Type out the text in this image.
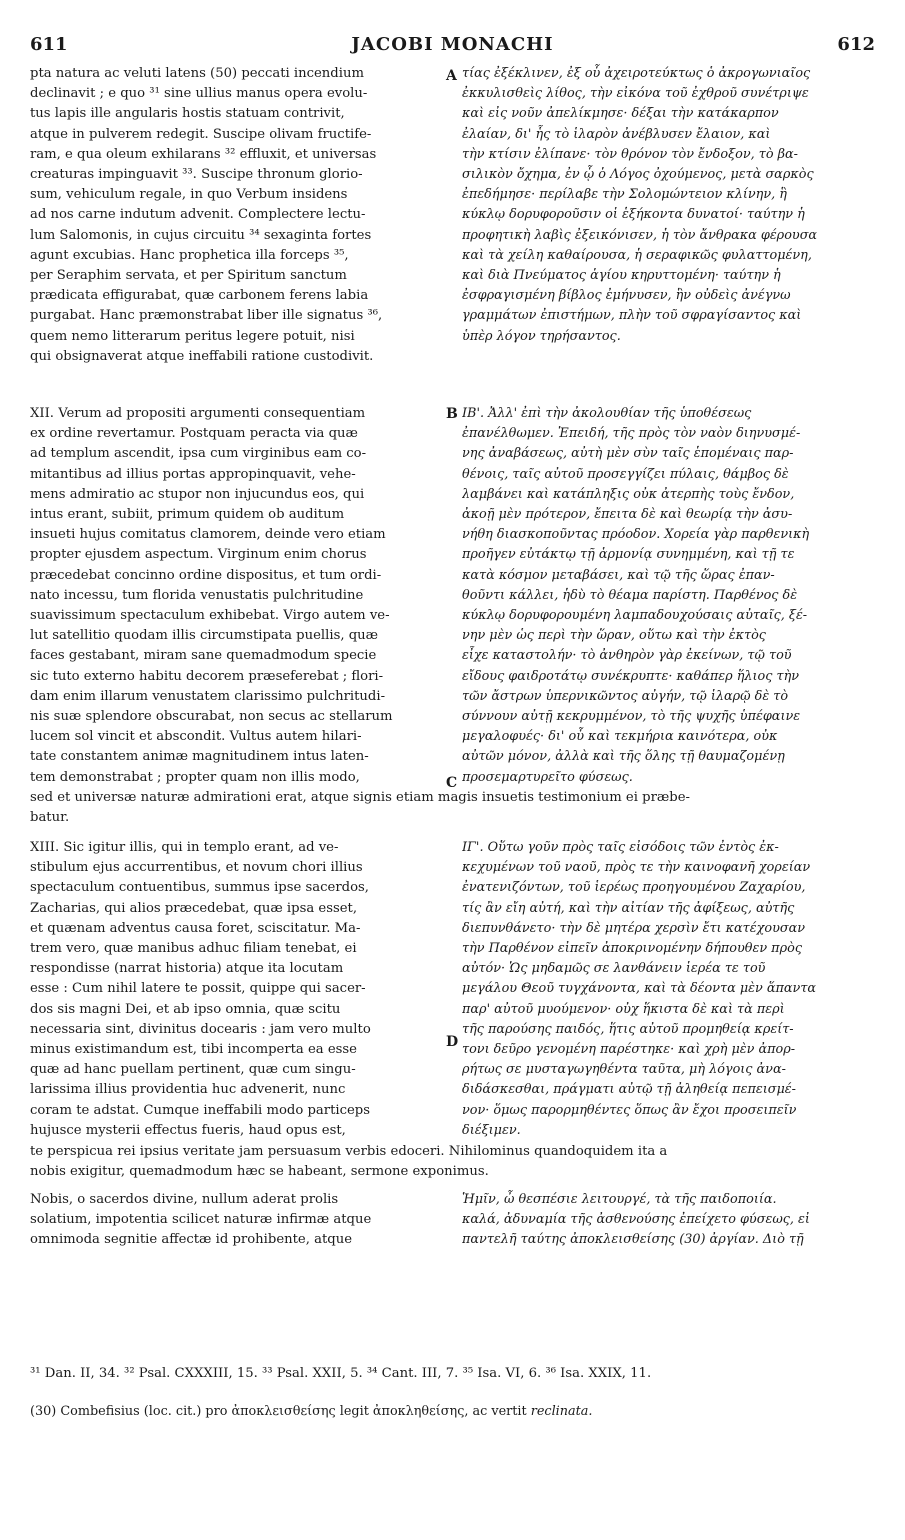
611	JACOBI MONACHI	612
A
B
C
D
pta natura ac veluti latens (50) peccati incendium
declinavit ; e quo ³¹ sine ullius manus opera evolu-
tus lapis ille angularis hostis statuam contrivit,
atque in pulverem redegit. Suscipe olivam fructife-
ram, e qua oleum exhilarans ³² effluxit, et universas
creaturas impinguavit ³³. Suscipe thronum glorio-
sum, vehiculum regale, in quo Verbum insidens
ad nos carne indutum advenit. Complectere lectu-
lum Salomonis, in cujus circuitu ³⁴ sexaginta fortes
agunt excubias. Hanc prophetica illa forceps ³⁵,
per Seraphim servata, et per Spiritum sanctum
prædicata effigurabat, quæ carbonem ferens labia
purgabat. Hanc præmonstrabat liber ille signatus ³⁶,
quem nemo litterarum peritus legere potuit, nisi
qui obsignaverat atque ineffabili ratione custodivit.
τίας ἐξέκλινεν, ἐξ οὗ ἀχειροτεύκτως ὁ ἀκρογωνιαῖος
ἐκκυλισθεὶς λίθος, τὴν εἰκόνα τοῦ ἐχθροῦ συνέτριψε
καὶ εἰς νοῦν ἀπελίκμησε· δέξαι τὴν κατάκαρπον
ἐλαίαν, δι' ἧς τὸ ἱλαρὸν ἀνέβλυσεν ἔλαιον, καὶ
τὴν κτίσιν ἐλίπανε· τὸν θρόνον τὸν ἔνδοξον, τὸ βα-
σιλικὸν ὄχημα, ἐν ᾧ ὁ Λόγος ὀχούμενος, μετὰ σαρκὸς
ἐπεδήμησε· περίλαβε τὴν Σολομώντειον κλίνην, ἣ
κύκλῳ δορυφοροῦσιν οἱ ἑξήκοντα δυνατοί· ταύτην ἡ
προφητικὴ λαβὶς ἐξεικόνισεν, ἡ τὸν ἄνθρακα φέρουσα
καὶ τὰ χείλη καθαίρουσα, ἡ σεραφικῶς φυλαττομένη,
καὶ διὰ Πνεύματος ἁγίου κηρυττομένη· ταύτην ἡ
ἐσφραγισμένη βίβλος ἐμήνυσεν, ἣν οὐδεὶς ἀνέγνω
γραμμάτων ἐπιστήμων, πλὴν τοῦ σφραγίσαντος καὶ
ὑπὲρ λόγον τηρήσαντος.
XII. Verum ad propositi argumenti consequentiam
ex ordine revertamur. Postquam peracta via quæ
ad templum ascendit, ipsa cum virginibus eam co-
mitantibus ad illius portas appropinquavit, vehe-
mens admiratio ac stupor non injucundus eos, qui
intus erant, subiit, primum quidem ob auditum
insueti hujus comitatus clamorem, deinde vero etiam
propter ejusdem aspectum. Virginum enim chorus
præcedebat concinno ordine dispositus, et tum ordi-
nato incessu, tum florida venustatis pulchritudine
suavissimum spectaculum exhibebat. Virgo autem ve-
lut satellitio quodam illis circumstipata puellis, quæ
faces gestabant, miram sane quemadmodum specie
sic tuto externo habitu decorem præseferebat ; flori-
dam enim illarum venustatem clarissimo pulchritudi-
nis suæ splendore obscurabat, non secus ac stellarum
lucem sol vincit et abscondit. Vultus autem hilari-
tate constantem animæ magnitudinem intus laten-
tem demonstrabat ; propter quam non illis modo,
ΙΒ'. Ἀλλ' ἐπὶ τὴν ἀκολουθίαν τῆς ὑποθέσεως
ἐπανέλθωμεν. Ἐπειδή, τῆς πρὸς τὸν ναὸν διηνυσμέ-
νης ἀναβάσεως, αὐτὴ μὲν σὺν ταῖς ἑπομέναις παρ-
θένοις, ταῖς αὐτοῦ προσεγγίζει πύλαις, θάμβος δὲ
λαμβάνει καὶ κατάπληξις οὐκ ἀτερπὴς τοὺς ἔνδον,
ἀκοῇ μὲν πρότερον, ἔπειτα δὲ καὶ θεωρίᾳ τὴν ἀσυ-
νήθη διασκοποῦντας πρόοδον. Χορεία γὰρ παρθενικὴ
προῆγεν εὐτάκτῳ τῇ ἁρμονίᾳ συνημμένη, καὶ τῇ τε
κατὰ κόσμον μεταβάσει, καὶ τῷ τῆς ὥρας ἐπαν-
θοῦντι κάλλει, ἡδὺ τὸ θέαμα παρίστη. Παρθένος δὲ
κύκλῳ δορυφορουμένη λαμπαδουχούσαις αὐταῖς, ξέ-
νην μὲν ὡς περὶ τὴν ὥραν, οὕτω καὶ τὴν ἐκτὸς
εἶχε καταστολήν· τὸ ἀνθηρὸν γὰρ ἐκείνων, τῷ τοῦ
εἴδους φαιδροτάτῳ συνέκρυπτε· καθάπερ ἥλιος τὴν
τῶν ἄστρων ὑπερνικῶντος αὐγήν, τῷ ἱλαρῷ δὲ τὸ
σύννουν αὐτῇ κεκρυμμένον, τὸ τῆς ψυχῆς ὑπέφαινε
μεγαλοφυές· δι' οὗ καὶ τεκμήρια καινότερα, οὐκ
αὐτῶν μόνον, ἀλλὰ καὶ τῆς ὅλης τῇ θαυμαζομένῃ
προσεμαρτυρεῖτο φύσεως.
sed et universæ naturæ admirationi erat, atque signis etiam magis insuetis testimonium ei præbe-
batur.
XIII. Sic igitur illis, qui in templo erant, ad ve-
stibulum ejus accurrentibus, et novum chori illius
spectaculum contuentibus, summus ipse sacerdos,
Zacharias, qui alios præcedebat, quæ ipsa esset,
et quænam adventus causa foret, sciscitatur. Ma-
trem vero, quæ manibus adhuc filiam tenebat, ei
respondisse (narrat historia) atque ita locutam
esse : Cum nihil latere te possit, quippe qui sacer-
dos sis magni Dei, et ab ipso omnia, quæ scitu
necessaria sint, divinitus docearis : jam vero multo
minus existimandum est, tibi incomperta ea esse
quæ ad hanc puellam pertinent, quæ cum singu-
larissima illius providentia huc advenerit, nunc
coram te adstat. Cumque ineffabili modo particeps
hujusce mysterii effectus fueris, haud opus est,
ΙΓ'. Οὕτω γοῦν πρὸς ταῖς εἰσόδοις τῶν ἐντὸς ἐκ-
κεχυμένων τοῦ ναοῦ, πρὸς τε τὴν καινοφανῆ χορείαν
ἐνατενιζόντων, τοῦ ἱερέως προηγουμένου Ζαχαρίου,
τίς ἂν εἴη αὐτή, καὶ τὴν αἰτίαν τῆς ἀφίξεως, αὐτῆς
διεπυνθάνετο· τὴν δὲ μητέρα χερσὶν ἔτι κατέχουσαν
τὴν Παρθένον εἰπεῖν ἀποκρινομένην δήπουθεν πρὸς
αὐτόν· Ὡς μηδαμῶς σε λανθάνειν ἱερέα τε τοῦ
μεγάλου Θεοῦ τυγχάνοντα, καὶ τὰ δέοντα μὲν ἅπαντα
παρ' αὐτοῦ μυούμενον· οὐχ ἥκιστα δὲ καὶ τὰ περὶ
τῆς παρούσης παιδός, ἥτις αὐτοῦ προμηθείᾳ κρείτ-
τονι δεῦρο γενομένη παρέστηκε· καὶ χρὴ μὲν ἀπορ-
ρήτως σε μυσταγωγηθέντα ταῦτα, μὴ λόγοις ἀνα-
διδάσκεσθαι, πράγματι αὐτῷ τῇ ἀληθείᾳ πεπεισμέ-
νον· ὅμως παρορμηθέντες ὅπως ἂν ἔχοι προσειπεῖν
διέξιμεν.
te perspicua rei ipsius veritate jam persuasum verbis edoceri. Nihilominus quandoquidem ita a
nobis exigitur, quemadmodum hæc se habeant, sermone exponimus.
Nobis, o sacerdos divine, nullum aderat prolis
solatium, impotentia scilicet naturæ infirmæ atque
omnimoda segnitie affectæ id prohibente, atque
Ἡμῖν, ὦ θεσπέσιε λειτουργέ, τὰ τῆς παιδοποιία.
καλά, ἀδυναμία τῆς ἀσθενούσης ἐπείχετο φύσεως, εἰ
παντελῆ ταύτης ἀποκλεισθείσης (30) ἀργίαν. Διὸ τῇ
³¹ Dan. II, 34. ³² Psal. CXXXIII, 15. ³³ Psal. XXII, 5. ³⁴ Cant. III, 7. ³⁵ Isa. VI, 6. ³⁶ Isa. XXIX, 11.
(30) Combefisius (loc. cit.) pro ἀποκλεισθείσης legit ἀποκληθείσης, ac vertit reclinata.
